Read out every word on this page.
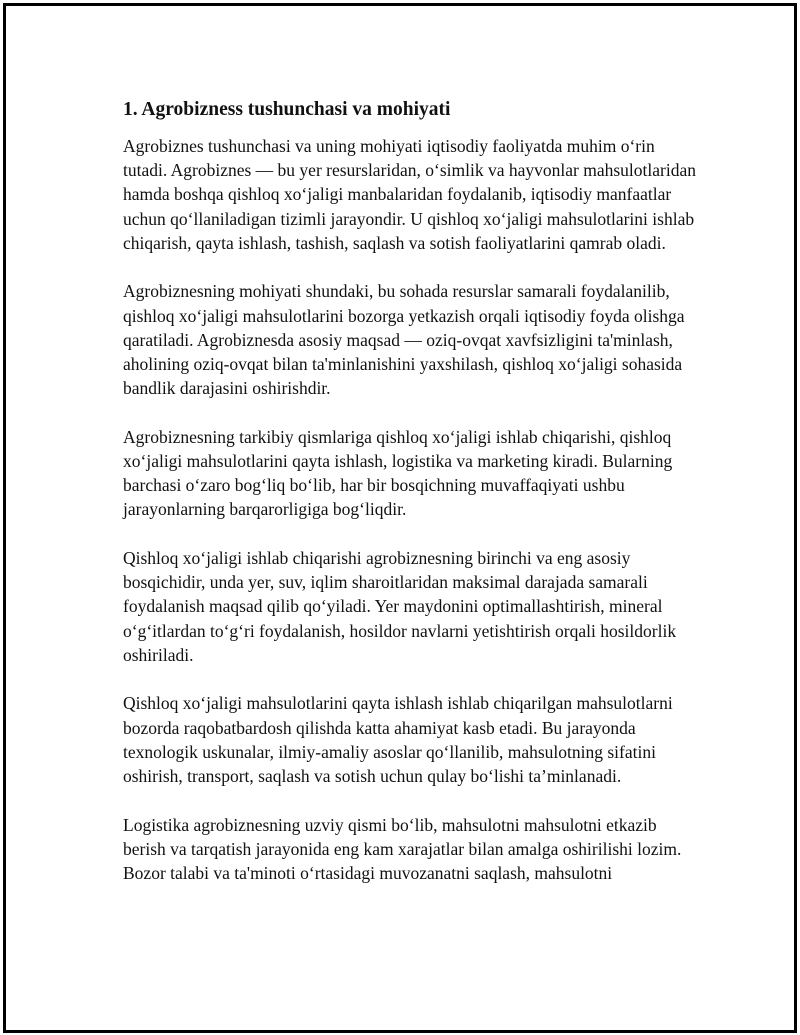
1. Agrobizness tushunchasi va mohiyati

Agrobiznes tushunchasi va uning mohiyati iqtisodiy faoliyatda muhim o‘rin tutadi. Agrobiznes — bu yer resurslaridan, o‘simlik va hayvonlar mahsulotlaridan hamda boshqa qishloq xo‘jaligi manbalaridan foydalanib, iqtisodiy manfaatlar uchun qo‘llaniladigan tizimli jarayondir. U qishloq xo‘jaligi mahsulotlarini ishlab chiqarish, qayta ishlash, tashish, saqlash va sotish faoliyatlarini qamrab oladi.

Agrobiznesning mohiyati shundaki, bu sohada resurslar samarali foydalanilib, qishloq xo‘jaligi mahsulotlarini bozorga yetkazish orqali iqtisodiy foyda olishga qaratiladi. Agrobiznesda asosiy maqsad — oziq-ovqat xavfsizligini ta'minlash, aholining oziq-ovqat bilan ta'minlanishini yaxshilash, qishloq xo‘jaligi sohasida bandlik darajasini oshirishdir.

Agrobiznesning tarkibiy qismlariga qishloq xo‘jaligi ishlab chiqarishi, qishloq xo‘jaligi mahsulotlarini qayta ishlash, logistika va marketing kiradi. Bularning barchasi o‘zaro bog‘liq bo‘lib, har bir bosqichning muvaffaqiyati ushbu jarayonlarning barqarorligiga bog‘liqdir.

Qishloq xo‘jaligi ishlab chiqarishi agrobiznesning birinchi va eng asosiy bosqichidir, unda yer, suv, iqlim sharoitlaridan maksimal darajada samarali foydalanish maqsad qilib qo‘yiladi. Yer maydonini optimallashtirish, mineral o‘g‘itlardan to‘g‘ri foydalanish, hosildor navlarni yetishtirish orqali hosildorlik oshiriladi.

Qishloq xo‘jaligi mahsulotlarini qayta ishlash ishlab chiqarilgan mahsulotlarni bozorda raqobatbardosh qilishda katta ahamiyat kasb etadi. Bu jarayonda texnologik uskunalar, ilmiy-amaliy asoslar qo‘llanilib, mahsulotning sifatini oshirish, transport, saqlash va sotish uchun qulay bo‘lishi ta’minlanadi.

Logistika agrobiznesning uzviy qismi bo‘lib, mahsulotni mahsulotni etkazib berish va tarqatish jarayonida eng kam xarajatlar bilan amalga oshirilishi lozim. Bozor talabi va ta'minoti o‘rtasidagi muvozanatni saqlash, mahsulotni
